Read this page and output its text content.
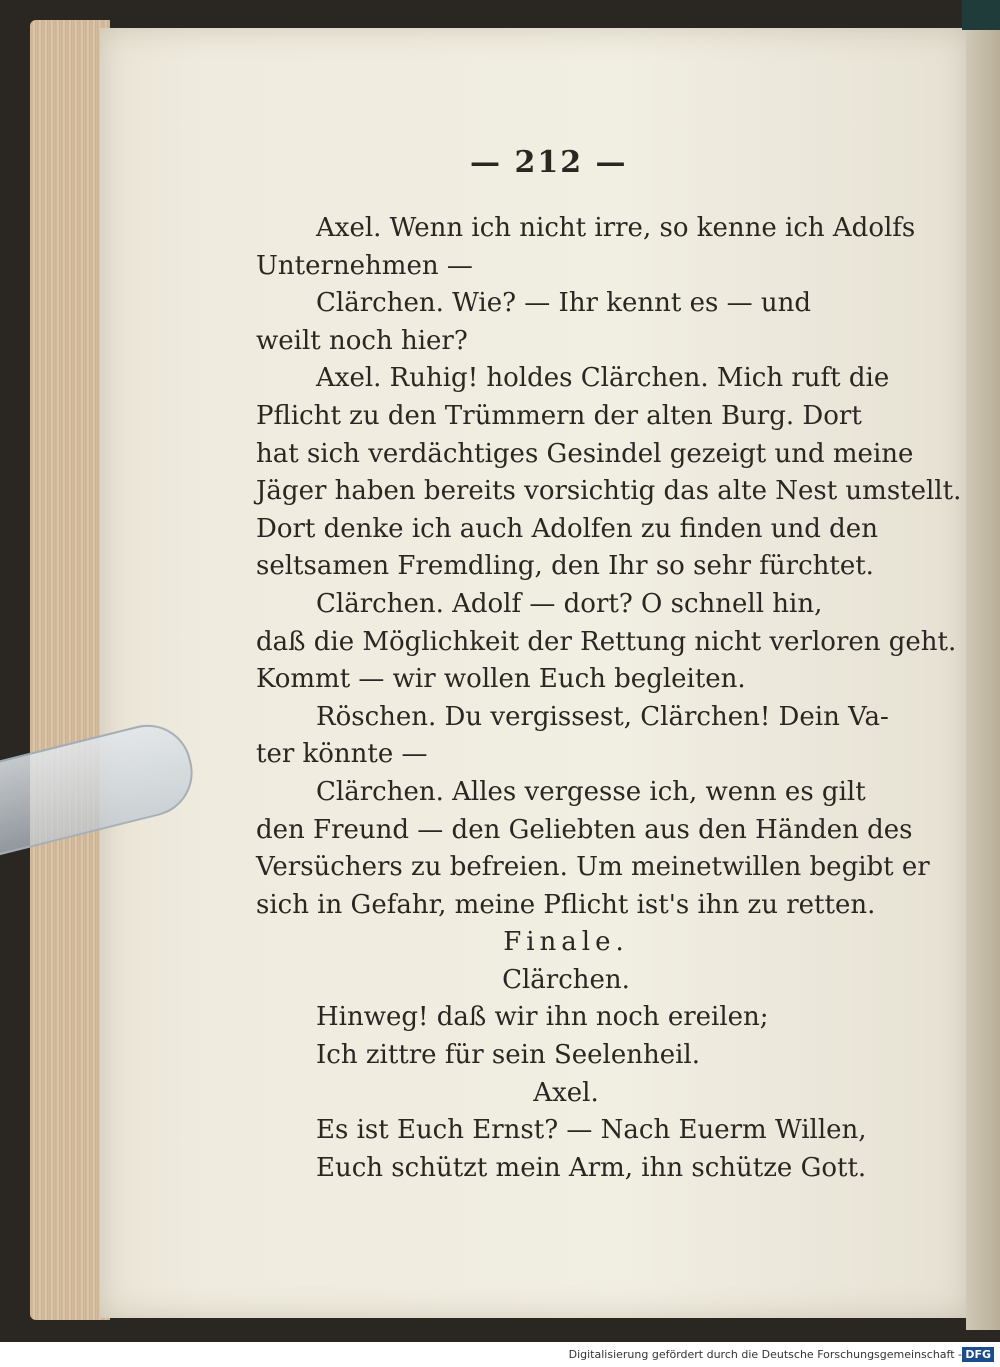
— 212 —
Axel. Wenn ich nicht irre, so kenne ich Adolfs
Unternehmen —
Clärchen. Wie? — Ihr kennt es — und
weilt noch hier?
Axel. Ruhig! holdes Clärchen. Mich ruft die
Pflicht zu den Trümmern der alten Burg. Dort
hat sich verdächtiges Gesindel gezeigt und meine
Jäger haben bereits vorsichtig das alte Nest umstellt.
Dort denke ich auch Adolfen zu finden und den
seltsamen Fremdling, den Ihr so sehr fürchtet.
Clärchen. Adolf — dort? O schnell hin,
daß die Möglichkeit der Rettung nicht verloren geht.
Kommt — wir wollen Euch begleiten.
Röschen. Du vergissest, Clärchen! Dein Va-
ter könnte —
Clärchen. Alles vergesse ich, wenn es gilt
den Freund — den Geliebten aus den Händen des
Versüchers zu befreien. Um meinetwillen begibt er
sich in Gefahr, meine Pflicht ist's ihn zu retten.
Finale.
Clärchen.
Hinweg! daß wir ihn noch ereilen;
Ich zittre für sein Seelenheil.
Axel.
Es ist Euch Ernst? — Nach Euerm Willen,
Euch schützt mein Arm, ihn schütze Gott.
Digitalisierung gefördert durch die Deutsche Forschungsgemeinschaft - DFG
